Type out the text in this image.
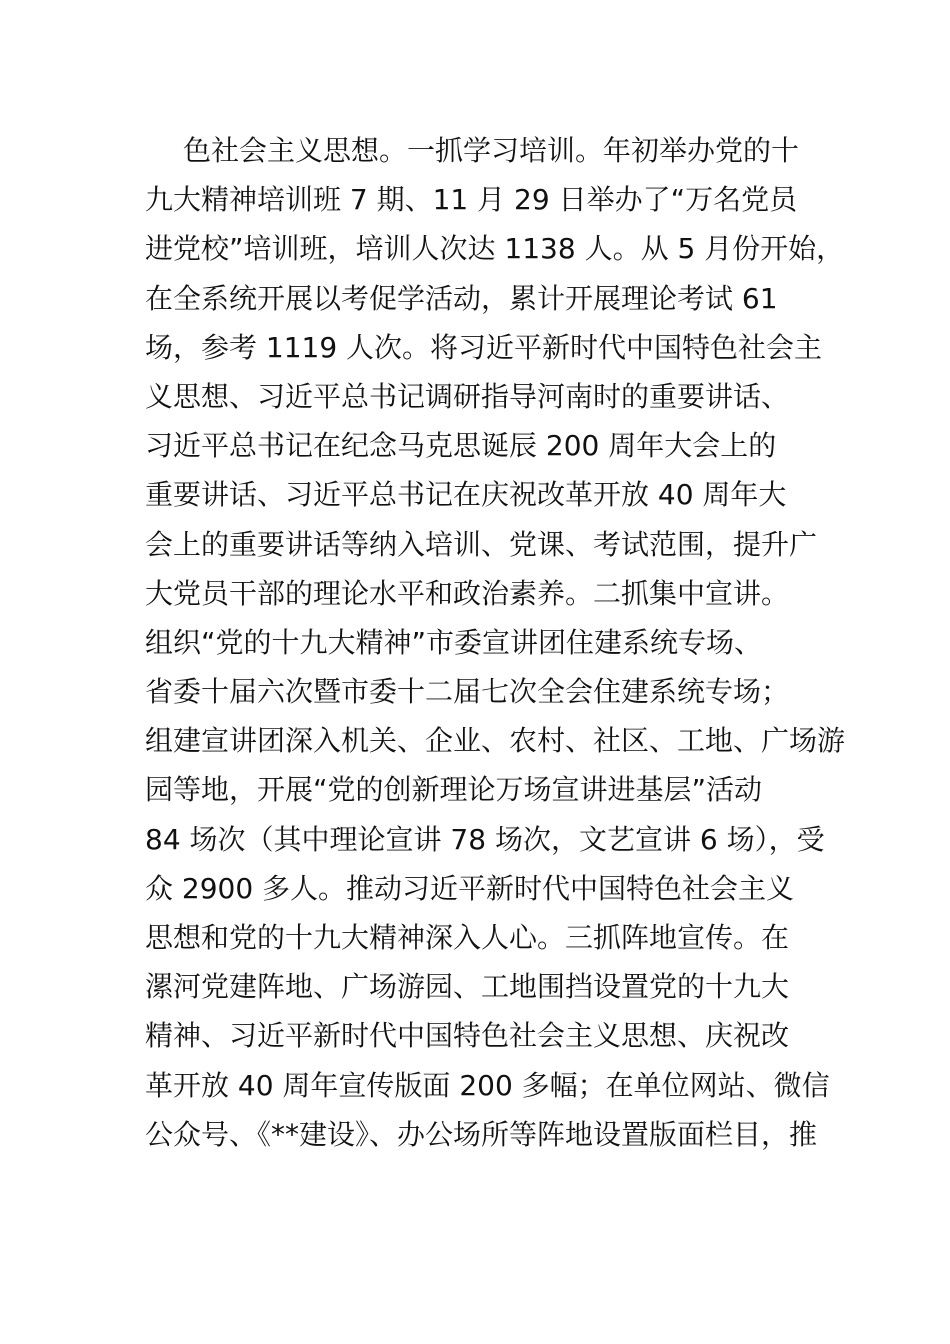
色社会主义思想。一抓学习培训。年初举办党的十
九大精神培训班 7 期、11 月 29 日举办了“万名党员
进党校”培训班，培训人次达 1138 人。从 5 月份开始，
在全系统开展以考促学活动，累计开展理论考试 61
场，参考 1119 人次。将习近平新时代中国特色社会主
义思想、习近平总书记调研指导河南时的重要讲话、
习近平总书记在纪念马克思诞辰 200 周年大会上的
重要讲话、习近平总书记在庆祝改革开放 40 周年大
会上的重要讲话等纳入培训、党课、考试范围，提升广
大党员干部的理论水平和政治素养。二抓集中宣讲。
组织“党的十九大精神”市委宣讲团住建系统专场、
省委十届六次暨市委十二届七次全会住建系统专场；
组建宣讲团深入机关、企业、农村、社区、工地、广场游
园等地，开展“党的创新理论万场宣讲进基层”活动
84 场次（其中理论宣讲 78 场次，文艺宣讲 6 场），受
众 2900 多人。推动习近平新时代中国特色社会主义
思想和党的十九大精神深入人心。三抓阵地宣传。在
漯河党建阵地、广场游园、工地围挡设置党的十九大
精神、习近平新时代中国特色社会主义思想、庆祝改
革开放 40 周年宣传版面 200 多幅；在单位网站、微信
公众号、《**建设》、办公场所等阵地设置版面栏目，推
